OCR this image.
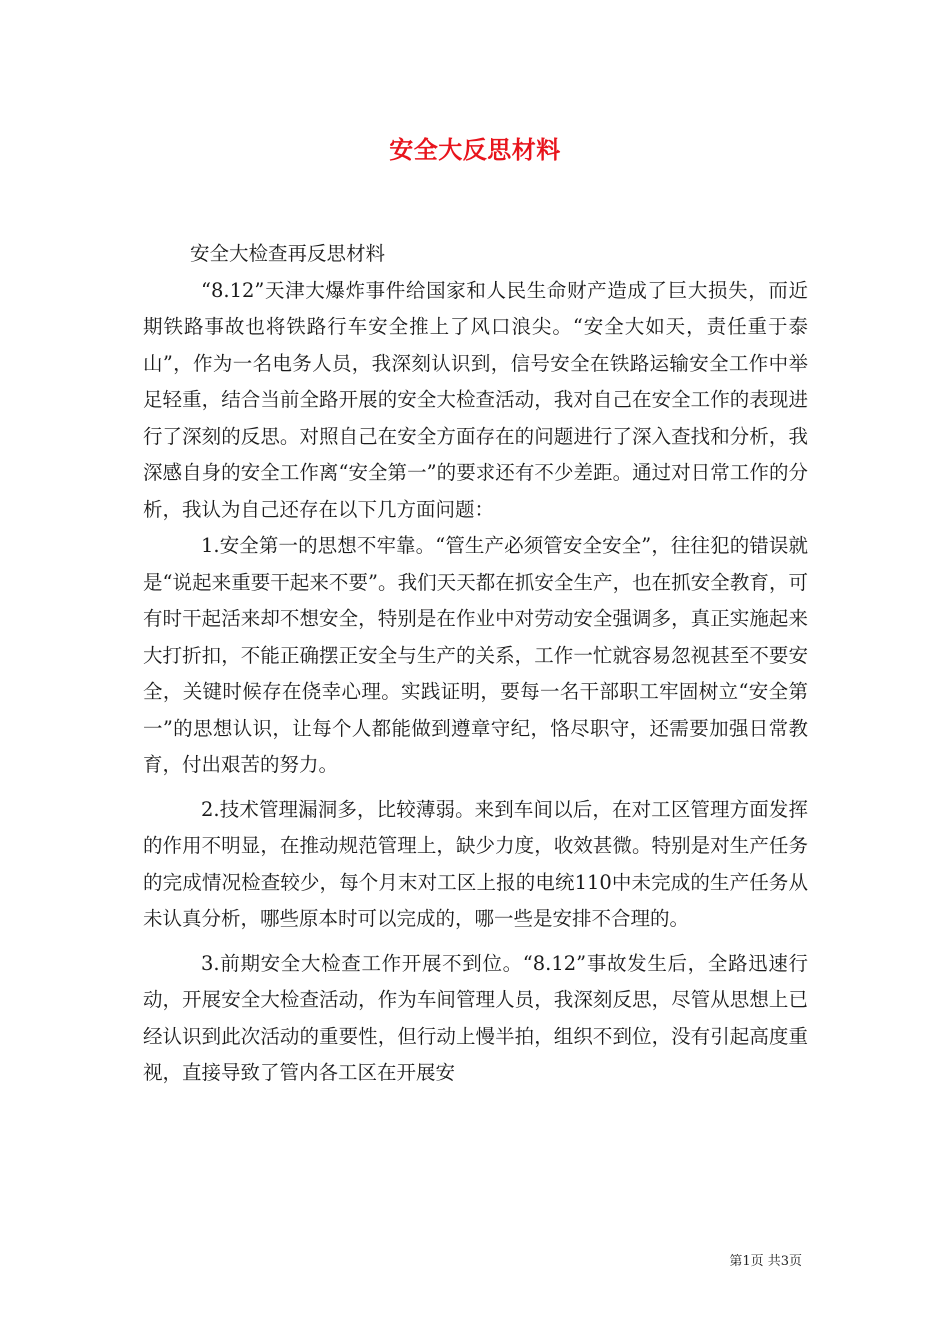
安全大反思材料

安全大检查再反思材料

“8.12”天津大爆炸事件给国家和人民生命财产造成了巨大损失，而近期铁路事故也将铁路行车安全推上了风口浪尖。“安全大如天，责任重于泰山”，作为一名电务人员，我深刻认识到，信号安全在铁路运输安全工作中举足轻重，结合当前全路开展的安全大检查活动，我对自己在安全工作的表现进行了深刻的反思。对照自己在安全方面存在的问题进行了深入查找和分析，我深感自身的安全工作离“安全第一”的要求还有不少差距。通过对日常工作的分析，我认为自己还存在以下几方面问题：

1.安全第一的思想不牢靠。“管生产必须管安全安全”，往往犯的错误就是“说起来重要干起来不要”。我们天天都在抓安全生产，也在抓安全教育，可有时干起活来却不想安全，特别是在作业中对劳动安全强调多，真正实施起来大打折扣，不能正确摆正安全与生产的关系，工作一忙就容易忽视甚至不要安全，关键时候存在侥幸心理。实践证明，要每一名干部职工牢固树立“安全第一”的思想认识，让每个人都能做到遵章守纪，恪尽职守，还需要加强日常教育，付出艰苦的努力。

2.技术管理漏洞多，比较薄弱。来到车间以后，在对工区管理方面发挥的作用不明显，在推动规范管理上，缺少力度，收效甚微。特别是对生产任务的完成情况检查较少，每个月末对工区上报的电统110中未完成的生产任务从未认真分析，哪些原本时可以完成的，哪一些是安排不合理的。

3.前期安全大检查工作开展不到位。“8.12”事故发生后，全路迅速行动，开展安全大检查活动，作为车间管理人员，我深刻反思，尽管从思想上已经认识到此次活动的重要性，但行动上慢半拍，组织不到位，没有引起高度重视，直接导致了管内各工区在开展安

第1页 共3页
